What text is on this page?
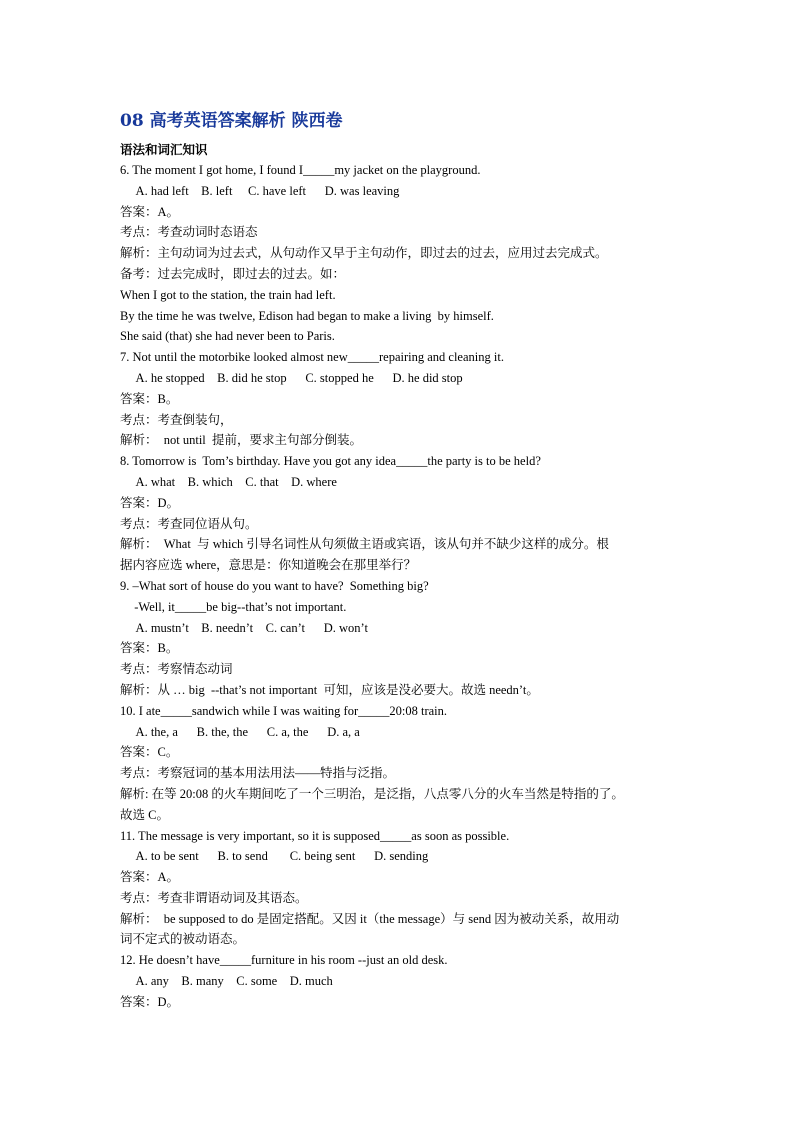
08 高考英语答案解析 陕西卷
语法和词汇知识
6. The moment I got home, I found I_____my jacket on the playground.
A. had left    B. left     C. have left      D. was leaving
答案：A。
考点：考查动词时态语态
解析：主句动词为过去式，从句动作又早于主句动作，即过去的过去，应用过去完成式。
备考：过去完成时，即过去的过去。如：
When I got to the station, the train had left.
By the time he was twelve, Edison had began to make a living  by himself.
She said (that) she had never been to Paris.
7. Not until the motorbike looked almost new_____repairing and cleaning it.
A. he stopped    B. did he stop      C. stopped he      D. he did stop
答案：B。
考点：考查倒装句，
解析：  not until  提前，要求主句部分倒装。
8. Tomorrow is  Tom’s birthday. Have you got any idea_____the party is to be held?
A. what    B. which    C. that    D. where
答案：D。
考点：考查同位语从句。
解析：  What  与 which 引导名词性从句须做主语或宾语，该从句并不缺少这样的成分。根
据内容应选 where，意思是：你知道晚会在那里举行？
9. –What sort of house do you want to have?  Something big?
-Well, it_____be big--that’s not important.
A. mustn’t    B. needn’t    C. can’t      D. won’t
答案：B。
考点：考察情态动词
解析：从 … big  --that’s not important  可知，应该是没必要大。故选 needn’t。
10. I ate_____sandwich while I was waiting for_____20:08 train.
A. the, a      B. the, the      C. a, the      D. a, a
答案：C。
考点：考察冠词的基本用法用法——特指与泛指。
解析: 在等 20:08 的火车期间吃了一个三明治，是泛指，八点零八分的火车当然是特指的了。
故选 C。
11. The message is very important, so it is supposed_____as soon as possible.
A. to be sent      B. to send       C. being sent      D. sending
答案：A。
考点：考查非谓语动词及其语态。
解析：  be supposed to do 是固定搭配。又因 it（the message）与 send 因为被动关系，故用动
词不定式的被动语态。
12. He doesn’t have_____furniture in his room --just an old desk.
A. any    B. many    C. some    D. much
答案：D。
